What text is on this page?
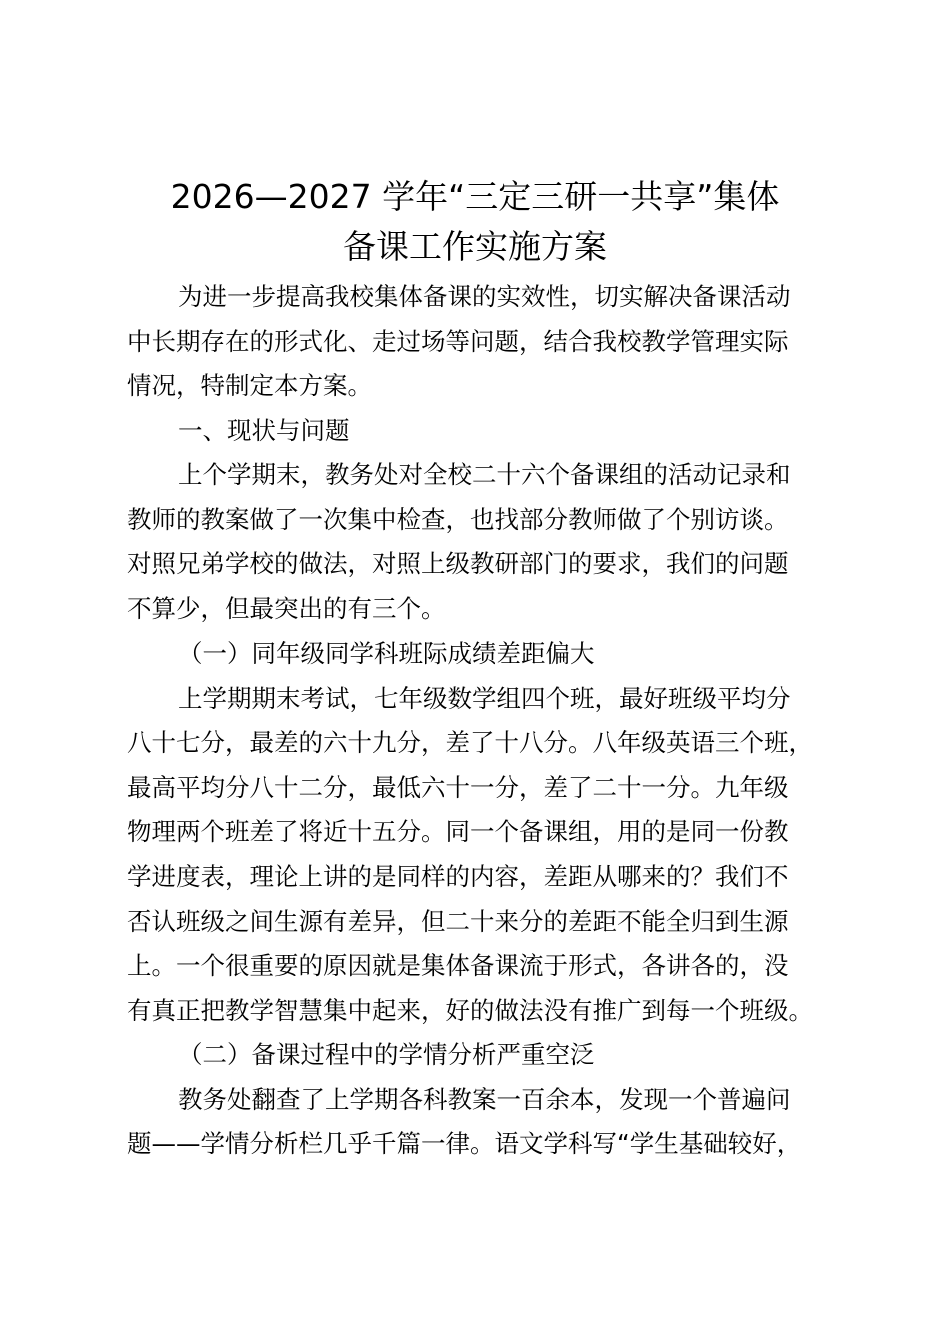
2026—2027 学年“三定三研一共享”集体
备课工作实施方案
为进一步提高我校集体备课的实效性，切实解决备课活动
中长期存在的形式化、走过场等问题，结合我校教学管理实际
情况，特制定本方案。
一、现状与问题
上个学期末，教务处对全校二十六个备课组的活动记录和
教师的教案做了一次集中检查，也找部分教师做了个别访谈。
对照兄弟学校的做法，对照上级教研部门的要求，我们的问题
不算少，但最突出的有三个。
（一）同年级同学科班际成绩差距偏大
上学期期末考试，七年级数学组四个班，最好班级平均分
八十七分，最差的六十九分，差了十八分。八年级英语三个班，
最高平均分八十二分，最低六十一分，差了二十一分。九年级
物理两个班差了将近十五分。同一个备课组，用的是同一份教
学进度表，理论上讲的是同样的内容，差距从哪来的？我们不
否认班级之间生源有差异，但二十来分的差距不能全归到生源
上。一个很重要的原因就是集体备课流于形式，各讲各的，没
有真正把教学智慧集中起来，好的做法没有推广到每一个班级。
（二）备课过程中的学情分析严重空泛
教务处翻查了上学期各科教案一百余本，发现一个普遍问
题——学情分析栏几乎千篇一律。语文学科写“学生基础较好，
